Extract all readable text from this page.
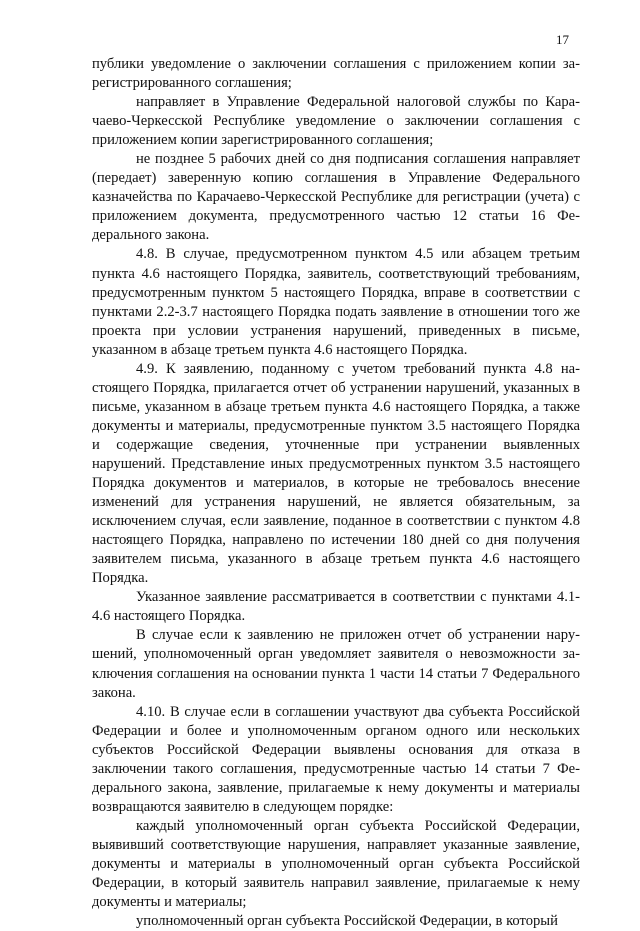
17

публики уведомление о заключении соглашения с приложением копии зарегистрированного соглашения;

направляет в Управление Федеральной налоговой службы по Карачаево-Черкесской Республике уведомление о заключении соглашения с приложением копии зарегистрированного соглашения;

не позднее 5 рабочих дней со дня подписания соглашения направляет (передает) заверенную копию соглашения в Управление Федерального казначейства по Карачаево-Черкесской Республике для регистрации (учета) с приложением документа, предусмотренного частью 12 статьи 16 Федерального закона.

4.8. В случае, предусмотренном пунктом 4.5 или абзацем третьим пункта 4.6 настоящего Порядка, заявитель, соответствующий требованиям, предусмотренным пунктом 5 настоящего Порядка, вправе в соответствии с пунктами 2.2-3.7 настоящего Порядка подать заявление в отношении того же проекта при условии устранения нарушений, приведенных в письме, указанном в абзаце третьем пункта 4.6 настоящего Порядка.

4.9. К заявлению, поданному с учетом требований пункта 4.8 настоящего Порядка, прилагается отчет об устранении нарушений, указанных в письме, указанном в абзаце третьем пункта 4.6 настоящего Порядка, а также документы и материалы, предусмотренные пунктом 3.5 настоящего Порядка и содержащие сведения, уточненные при устранении выявленных нарушений. Представление иных предусмотренных пунктом 3.5 настоящего Порядка документов и материалов, в которые не требовалось внесение изменений для устранения нарушений, не является обязательным, за исключением случая, если заявление, поданное в соответствии с пунктом 4.8 настоящего Порядка, направлено по истечении 180 дней со дня получения заявителем письма, указанного в абзаце третьем пункта 4.6 настоящего Порядка.

Указанное заявление рассматривается в соответствии с пунктами 4.1-4.6 настоящего Порядка.

В случае если к заявлению не приложен отчет об устранении нарушений, уполномоченный орган уведомляет заявителя о невозможности заключения соглашения на основании пункта 1 части 14 статьи 7 Федерального закона.

4.10. В случае если в соглашении участвуют два субъекта Российской Федерации и более и уполномоченным органом одного или нескольких субъектов Российской Федерации выявлены основания для отказа в заключении такого соглашения, предусмотренные частью 14 статьи 7 Федерального закона, заявление, прилагаемые к нему документы и материалы возвращаются заявителю в следующем порядке:

каждый уполномоченный орган субъекта Российской Федерации, выявивший соответствующие нарушения, направляет указанные заявление, документы и материалы в уполномоченный орган субъекта Российской Федерации, в который заявитель направил заявление, прилагаемые к нему документы и материалы;

уполномоченный орган субъекта Российской Федерации, в который
